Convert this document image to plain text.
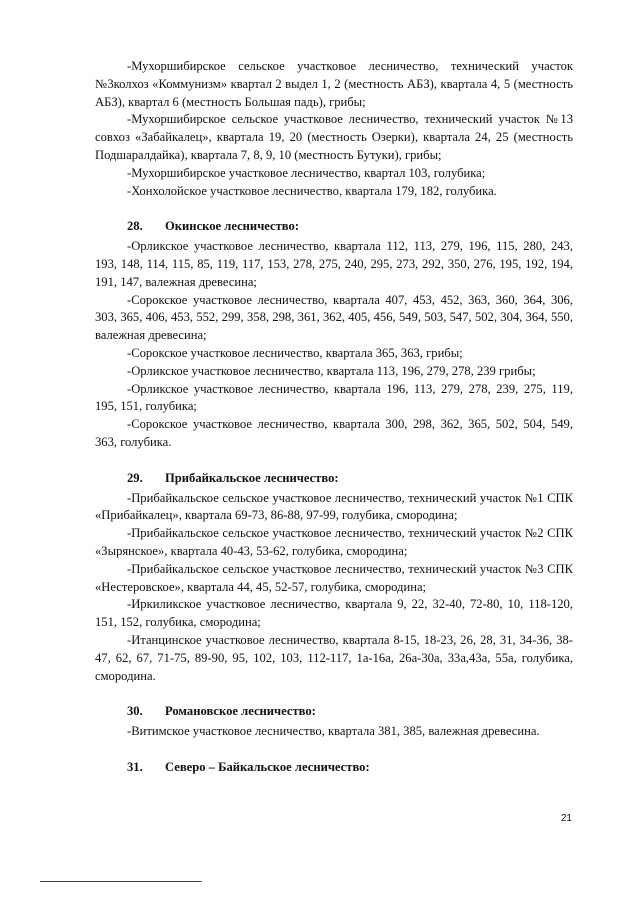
-Мухоршибирское сельское участковое лесничество, технический участок №3колхоз «Коммунизм» квартал 2 выдел 1, 2 (местность АБЗ), квартала 4, 5 (местность АБЗ), квартал 6 (местность Большая падь), грибы;

-Мухоршибирское сельское участковое лесничество, технический участок №13 совхоз «Забайкалец», квартала 19, 20 (местность Озерки), квартала 24, 25 (местность Подшаралдайка), квартала 7, 8, 9, 10 (местность Бутуки), грибы;

-Мухоршибирское участковое лесничество, квартал 103, голубика;

-Хонхолойское участковое лесничество, квартала 179, 182, голубика.

28. Окинское лесничество:

-Орликское участковое лесничество, квартала 112, 113, 279, 196, 115, 280, 243, 193, 148, 114, 115, 85, 119, 117, 153, 278, 275, 240, 295, 273, 292, 350, 276, 195, 192, 194, 191, 147, валежная древесина;

-Сорокское участковое лесничество, квартала 407, 453, 452, 363, 360, 364, 306, 303, 365, 406, 453, 552, 299, 358, 298, 361, 362, 405, 456, 549, 503, 547, 502, 304, 364, 550, валежная древесина;

-Сорокское участковое лесничество, квартала 365, 363, грибы;

-Орликское участковое лесничество, квартала 113, 196, 279, 278, 239 грибы;

-Орликское участковое лесничество, квартала 196, 113, 279, 278, 239, 275, 119, 195, 151, голубика;

-Сорокское участковое лесничество, квартала 300, 298, 362, 365, 502, 504, 549, 363, голубика.

29. Прибайкальское лесничество:

-Прибайкальское сельское участковое лесничество, технический участок №1 СПК «Прибайкалец», квартала 69-73, 86-88, 97-99, голубика, смородина;

-Прибайкальское сельское участковое лесничество, технический участок №2 СПК «Зырянское», квартала 40-43, 53-62, голубика, смородина;

-Прибайкальское сельское участковое лесничество, технический участок №3 СПК «Нестеровское», квартала 44, 45, 52-57, голубика, смородина;

-Иркиликское участковое лесничество, квартала 9, 22, 32-40, 72-80, 10, 118-120, 151, 152, голубика, смородина;

-Итанцинское участковое лесничество, квартала 8-15, 18-23, 26, 28, 31, 34-36, 38-47, 62, 67, 71-75, 89-90, 95, 102, 103, 112-117, 1а-16а, 26а-30а, 33а,43а, 55а, голубика, смородина.

30. Романовское лесничество:

-Витимское участковое лесничество, квартала 381, 385, валежная древесина.

31. Северо – Байкальское лесничество:

21
